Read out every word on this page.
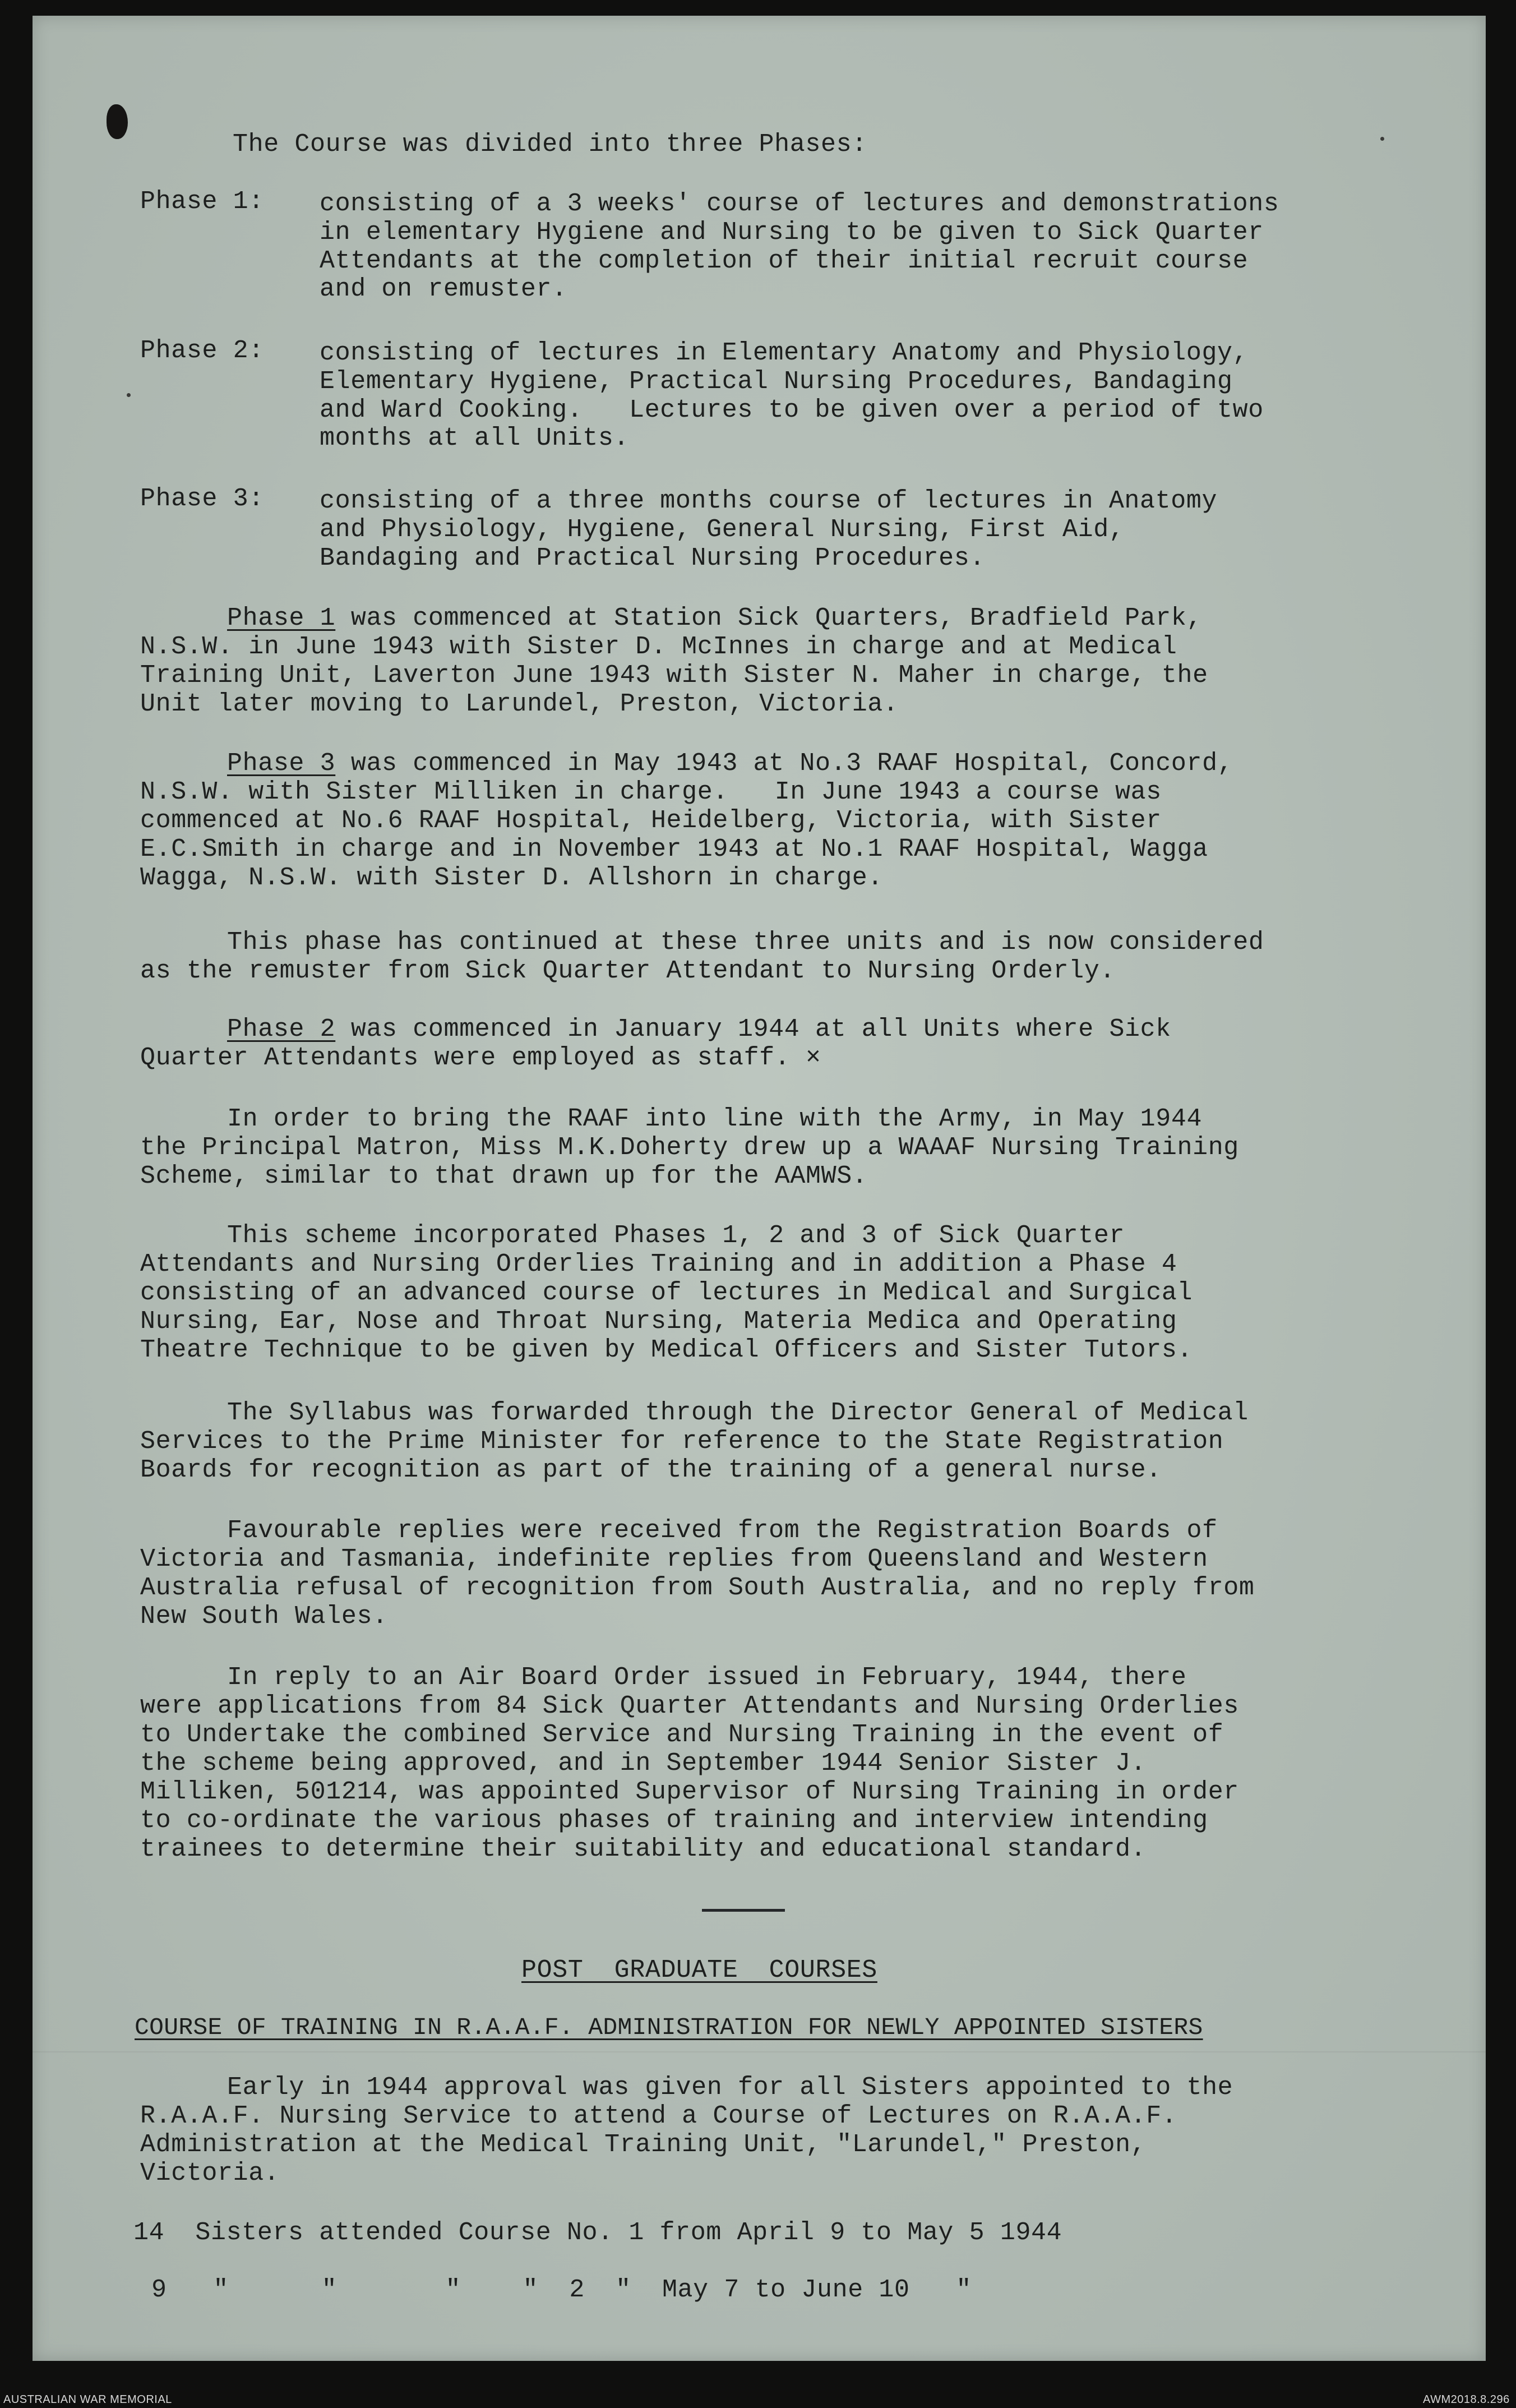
The Course was divided into three Phases:

Phase 1: consisting of a 3 weeks' course of lectures and demonstrations

in elementary Hygiene and Nursing to be given to Sick Quarter

Attendants at the completion of their initial recruit course

and on remuster.

Phase 2: consisting of lectures in Elementary Anatomy and Physiology,

Elementary Hygiene, Practical Nursing Procedures, Bandaging

and Ward Cooking.   Lectures to be given over a period of two

months at all Units.

Phase 3: consisting of a three months course of lectures in Anatomy

and Physiology, Hygiene, General Nursing, First Aid,

Bandaging and Practical Nursing Procedures.

Phase 1 was commenced at Station Sick Quarters, Bradfield Park,

N.S.W. in June 1943 with Sister D. McInnes in charge and at Medical

Training Unit, Laverton June 1943 with Sister N. Maher in charge, the

Unit later moving to Larundel, Preston, Victoria.

Phase 3 was commenced in May 1943 at No.3 RAAF Hospital, Concord,

N.S.W. with Sister Milliken in charge.   In June 1943 a course was

commenced at No.6 RAAF Hospital, Heidelberg, Victoria, with Sister

E.C.Smith in charge and in November 1943 at No.1 RAAF Hospital, Wagga

Wagga, N.S.W. with Sister D. Allshorn in charge.

This phase has continued at these three units and is now considered

as the remuster from Sick Quarter Attendant to Nursing Orderly.

Phase 2 was commenced in January 1944 at all Units where Sick

Quarter Attendants were employed as staff. ×

In order to bring the RAAF into line with the Army, in May 1944

the Principal Matron, Miss M.K.Doherty drew up a WAAAF Nursing Training

Scheme, similar to that drawn up for the AAMWS.

This scheme incorporated Phases 1, 2 and 3 of Sick Quarter

Attendants and Nursing Orderlies Training and in addition a Phase 4

consisting of an advanced course of lectures in Medical and Surgical

Nursing, Ear, Nose and Throat Nursing, Materia Medica and Operating

Theatre Technique to be given by Medical Officers and Sister Tutors.

The Syllabus was forwarded through the Director General of Medical

Services to the Prime Minister for reference to the State Registration

Boards for recognition as part of the training of a general nurse.

Favourable replies were received from the Registration Boards of

Victoria and Tasmania, indefinite replies from Queensland and Western

Australia refusal of recognition from South Australia, and no reply from

New South Wales.

In reply to an Air Board Order issued in February, 1944, there

were applications from 84 Sick Quarter Attendants and Nursing Orderlies

to Undertake the combined Service and Nursing Training in the event of

the scheme being approved, and in September 1944 Senior Sister J.

Milliken, 501214, was appointed Supervisor of Nursing Training in order

to co-ordinate the various phases of training and interview intending

trainees to determine their suitability and educational standard.

POST  GRADUATE  COURSES

COURSE OF TRAINING IN R.A.A.F. ADMINISTRATION FOR NEWLY APPOINTED SISTERS

Early in 1944 approval was given for all Sisters appointed to the

R.A.A.F. Nursing Service to attend a Course of Lectures on R.A.A.F.

Administration at the Medical Training Unit, "Larundel," Preston,

Victoria.

14  Sisters attended Course No. 1 from April 9 to May 5 1944

9   "      "       "    "  2  "  May 7 to June 10   "

AUSTRALIAN WAR MEMORIAL	AWM2018.8.296
